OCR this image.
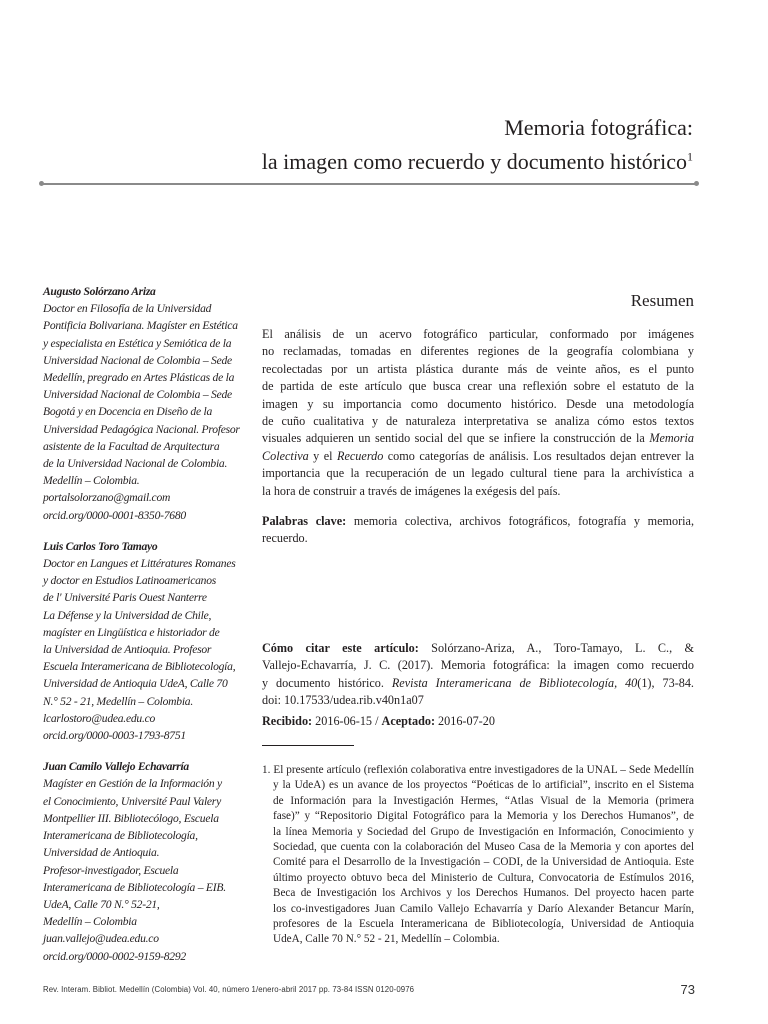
Memoria fotográfica:
la imagen como recuerdo y documento histórico$^1$
Augusto Solórzano Ariza
Doctor en Filosofía de la Universidad
Pontificia Bolivariana. Magíster en Estética
y especialista en Estética y Semiótica de la
Universidad Nacional de Colombia – Sede
Medellín, pregrado en Artes Plásticas de la
Universidad Nacional de Colombia – Sede
Bogotá y en Docencia en Diseño de la
Universidad Pedagógica Nacional. Profesor
asistente de la Facultad de Arquitectura
de la Universidad Nacional de Colombia.
Medellín – Colombia.
portalsolorzano@gmail.com
orcid.org/0000-0001-8350-7680
Luis Carlos Toro Tamayo
Doctor en Langues et Littératures Romanes
y doctor en Estudios Latinoamericanos
de l' Université Paris Ouest Nanterre
La Défense y la Universidad de Chile,
magíster en Lingüística e historiador de
la Universidad de Antioquia. Profesor
Escuela Interamericana de Bibliotecología,
Universidad de Antioquia UdeA, Calle 70
N.° 52 - 21, Medellín – Colombia.
lcarlostoro@udea.edu.co
orcid.org/0000-0003-1793-8751
Juan Camilo Vallejo Echavarría
Magíster en Gestión de la Información y
el Conocimiento, Université Paul Valery
Montpellier III. Bibliotecólogo, Escuela
Interamericana de Bibliotecología,
Universidad de Antioquia.
Profesor-investigador, Escuela
Interamericana de Bibliotecología – EIB.
UdeA, Calle 70 N.° 52-21,
Medellín – Colombia
juan.vallejo@udea.edu.co
orcid.org/0000-0002-9159-8292
Resumen
El análisis de un acervo fotográfico particular, conformado por imágenes
no reclamadas, tomadas en diferentes regiones de la geografía colombiana y
recolectadas por un artista plástica durante más de veinte años, es el punto
de partida de este artículo que busca crear una reflexión sobre el estatuto de la
imagen y su importancia como documento histórico. Desde una metodología
de cuño cualitativa y de naturaleza interpretativa se analiza cómo estos textos
visuales adquieren un sentido social del que se infiere la construcción de la Memoria
Colectiva y el Recuerdo como categorías de análisis. Los resultados dejan entrever la
importancia que la recuperación de un legado cultural tiene para la archivística a
la hora de construir a través de imágenes la exégesis del país.
Palabras clave: memoria colectiva, archivos fotográficos, fotografía y memoria,
recuerdo.
Cómo citar este artículo: Solórzano-Ariza, A., Toro-Tamayo, L. C., &
Vallejo-Echavarría, J. C. (2017). Memoria fotográfica: la imagen como recuerdo
y documento histórico. Revista Interamericana de Bibliotecología, 40(1), 73-84.
doi: 10.17533/udea.rib.v40n1a07
Recibido: 2016-06-15 / Aceptado: 2016-07-20
1. El presente artículo (reflexión colaborativa entre investigadores de la UNAL – Sede Medellín
y la UdeA) es un avance de los proyectos “Poéticas de lo artificial”, inscrito en el Sistema
de Información para la Investigación Hermes, “Atlas Visual de la Memoria (primera
fase)” y “Repositorio Digital Fotográfico para la Memoria y los Derechos Humanos”, de
la línea Memoria y Sociedad del Grupo de Investigación en Información, Conocimiento y
Sociedad, que cuenta con la colaboración del Museo Casa de la Memoria y con aportes del
Comité para el Desarrollo de la Investigación – CODI, de la Universidad de Antioquia. Este
último proyecto obtuvo beca del Ministerio de Cultura, Convocatoria de Estímulos 2016,
Beca de Investigación los Archivos y los Derechos Humanos. Del proyecto hacen parte
los co-investigadores Juan Camilo Vallejo Echavarría y Darío Alexander Betancur Marín,
profesores de la Escuela Interamericana de Bibliotecología, Universidad de Antioquia
UdeA, Calle 70 N.° 52 - 21, Medellín – Colombia.
Rev. Interam. Bibliot. Medellín (Colombia) Vol. 40, número 1/enero-abril 2017 pp. 73-84 ISSN 0120-0976	73
